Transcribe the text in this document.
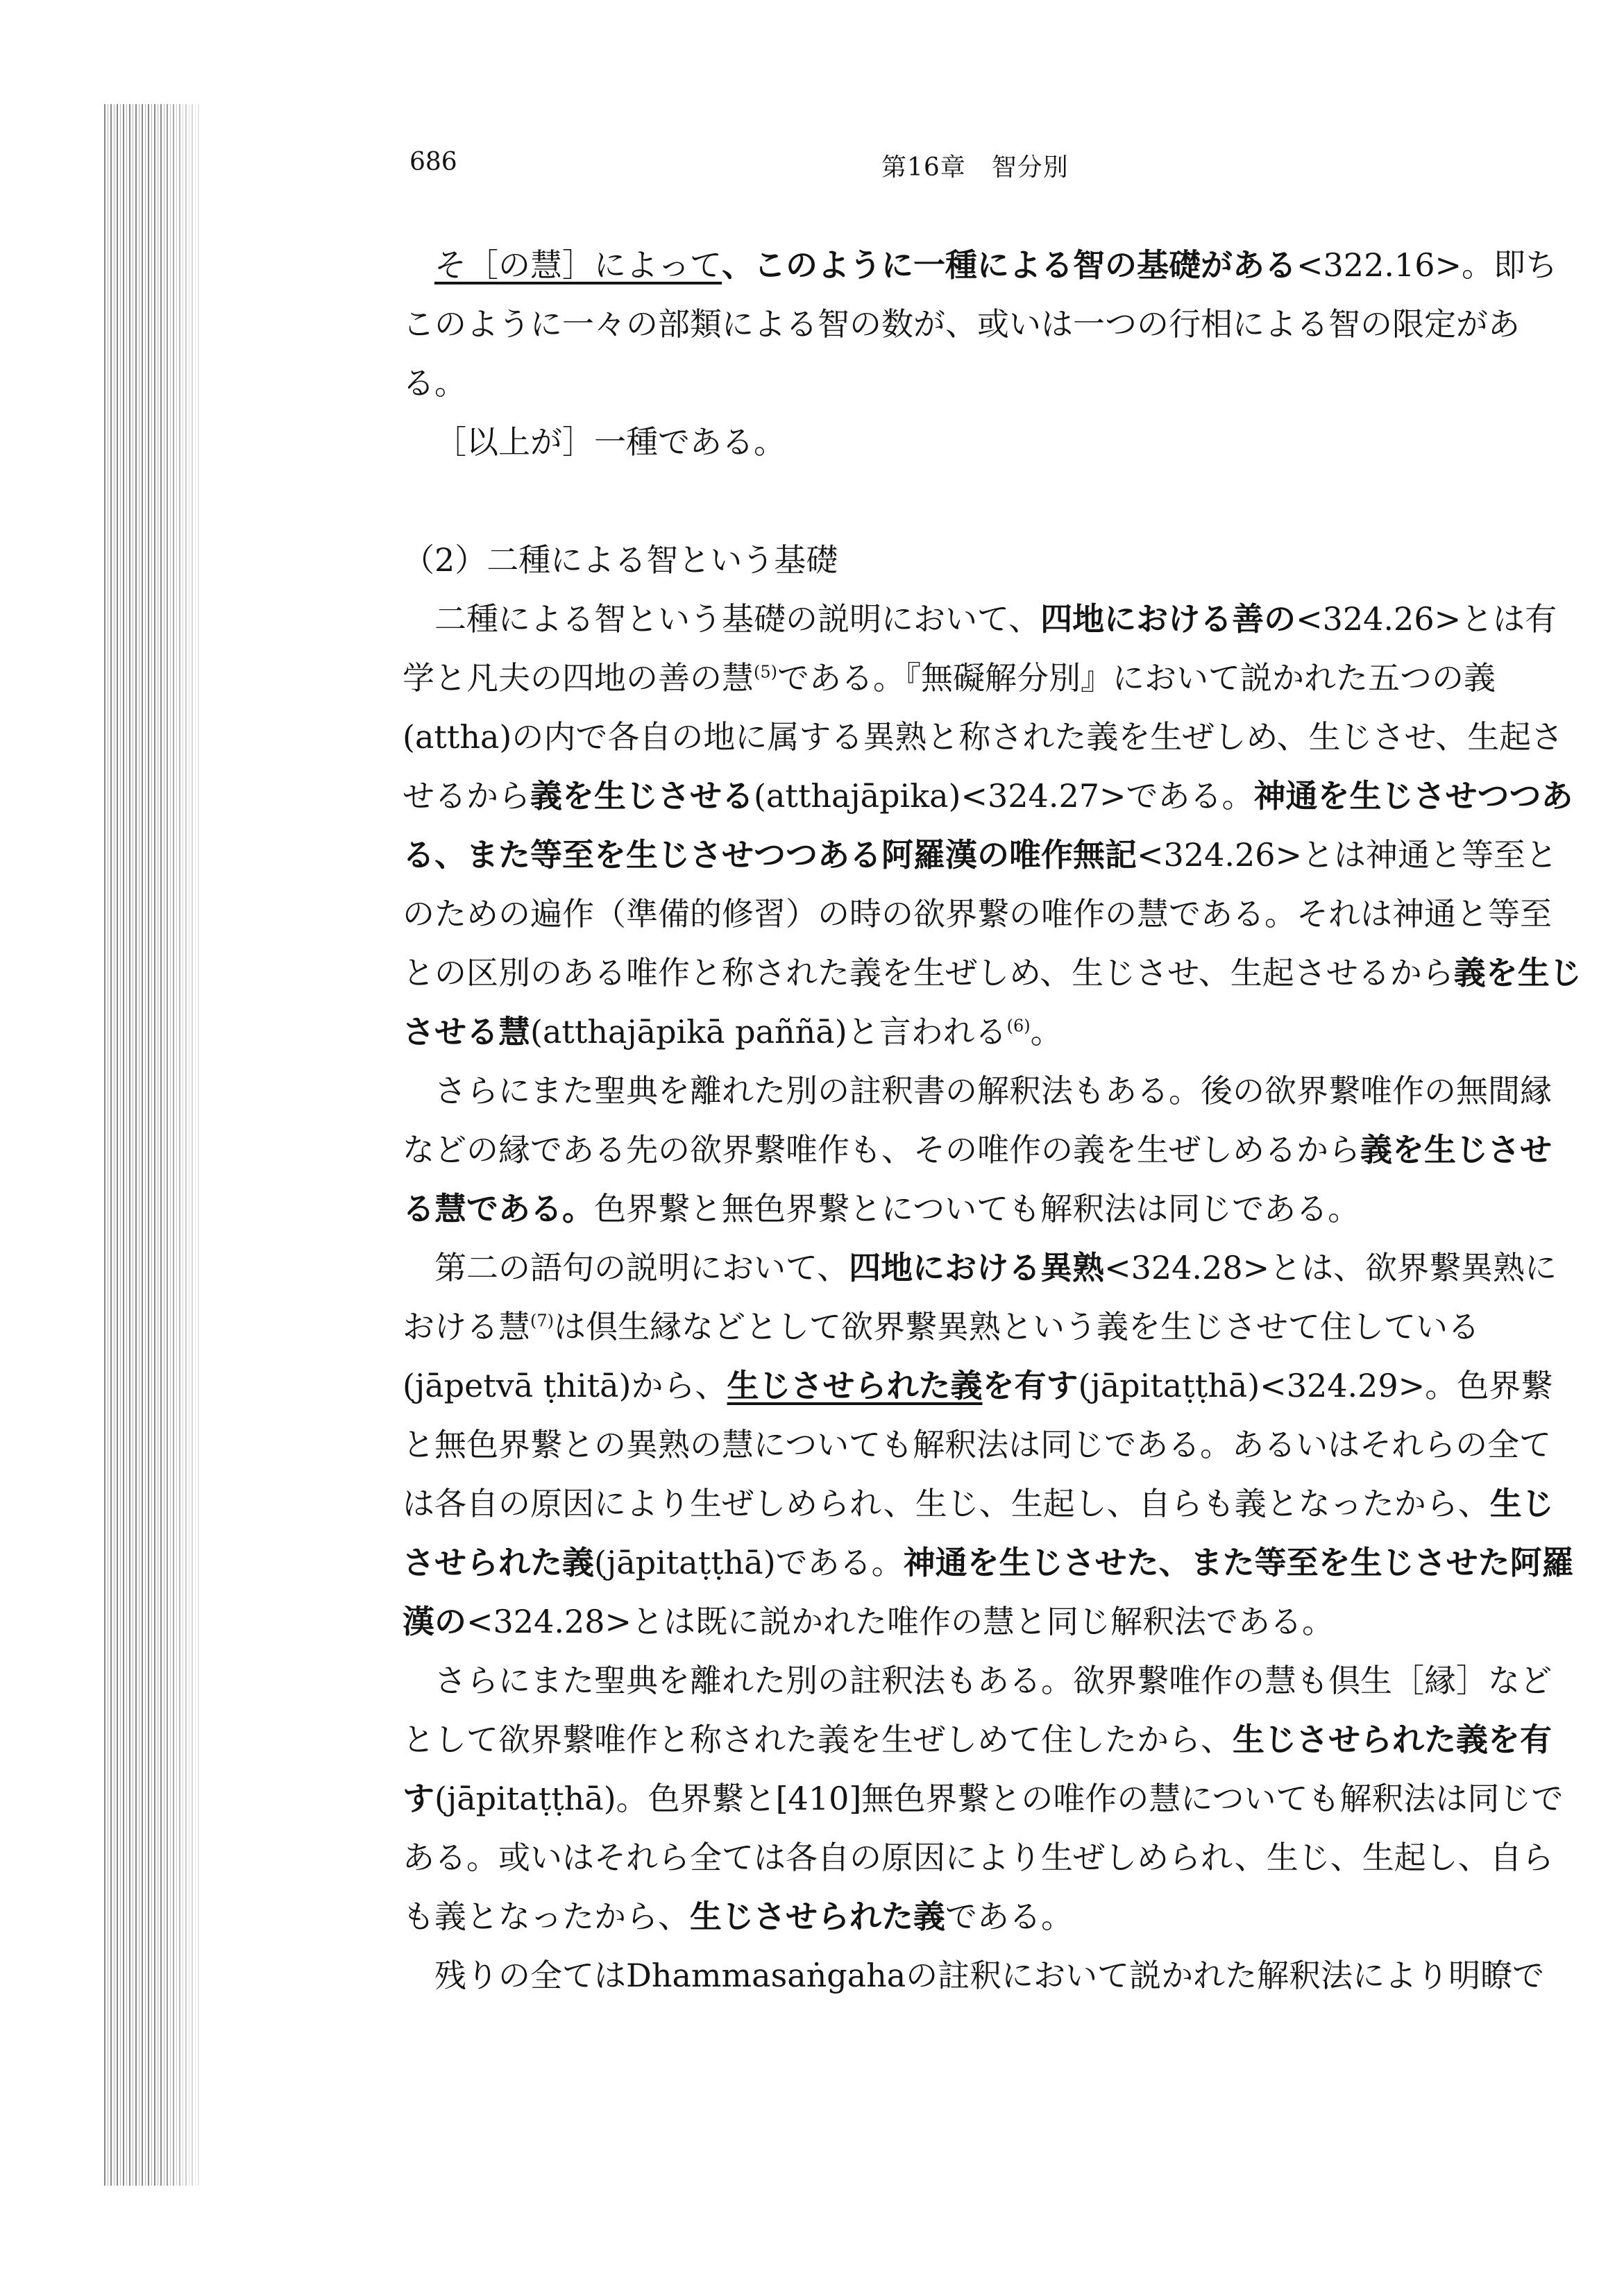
686	第16章　智分別

そ［の慧］によって、このように一種による智の基礎がある<322.16>。即ちこのように一々の部類による智の数が、或いは一つの行相による智の限定がある。

［以上が］一種である。

（2）二種による智という基礎

二種による智という基礎の説明において、四地における善の<324.26>とは有学と凡夫の四地の善の慧$^{(5)}$である。『無礙解分別』において説かれた五つの義(attha)の内で各自の地に属する異熟と称された義を生ぜしめ、生じさせ、生起させるから義を生じさせる(atthajāpika)<324.27>である。神通を生じさせつつある、また等至を生じさせつつある阿羅漢の唯作無記<324.26>とは神通と等至とのための遍作（準備的修習）の時の欲界繋の唯作の慧である。それは神通と等至との区別のある唯作と称された義を生ぜしめ、生じさせ、生起させるから義を生じさせる慧(atthajāpikā paññā)と言われる$^{(6)}$。

さらにまた聖典を離れた別の註釈書の解釈法もある。後の欲界繋唯作の無間縁などの縁である先の欲界繋唯作も、その唯作の義を生ぜしめるから義を生じさせる慧である。色界繋と無色界繋とについても解釈法は同じである。

第二の語句の説明において、四地における異熟<324.28>とは、欲界繋異熟における慧$^{(7)}$は倶生縁などとして欲界繋異熟という義を生じさせて住している(jāpetvā ṭhitā)から、生じさせられた義を有す(jāpitaṭṭhā)<324.29>。色界繋と無色界繋との異熟の慧についても解釈法は同じである。あるいはそれらの全ては各自の原因により生ぜしめられ、生じ、生起し、自らも義となったから、生じさせられた義(jāpitaṭṭhā)である。神通を生じさせた、また等至を生じさせた阿羅漢の<324.28>とは既に説かれた唯作の慧と同じ解釈法である。

さらにまた聖典を離れた別の註釈法もある。欲界繋唯作の慧も倶生［縁］などとして欲界繋唯作と称された義を生ぜしめて住したから、生じさせられた義を有す(jāpitaṭṭhā)。色界繋と[410]無色界繋との唯作の慧についても解釈法は同じである。或いはそれら全ては各自の原因により生ぜしめられ、生じ、生起し、自らも義となったから、生じさせられた義である。

残りの全てはDhammasaṅgahaの註釈において説かれた解釈法により明瞭で
